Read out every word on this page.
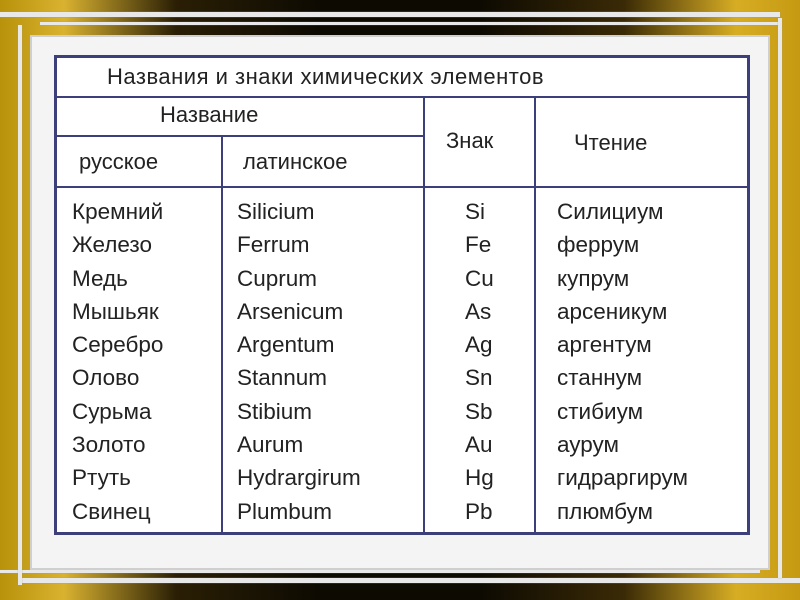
Названия и знаки химических элементов
Название
русское	латинское
Знак	Чтение
Кремний
Железо
Медь
Мышьяк
Серебро
Олово
Сурьма
Золото
Ртуть
Свинец
Silicium
Ferrum
Cuprum
Arsenicum
Argentum
Stannum
Stibium
Aurum
Hydrargirum
Plumbum
Si
Fe
Cu
As
Ag
Sn
Sb
Au
Hg
Pb
Силициум
феррум
купрум
арсеникум
аргентум
станнум
стибиум
аурум
гидраргирум
плюмбум
